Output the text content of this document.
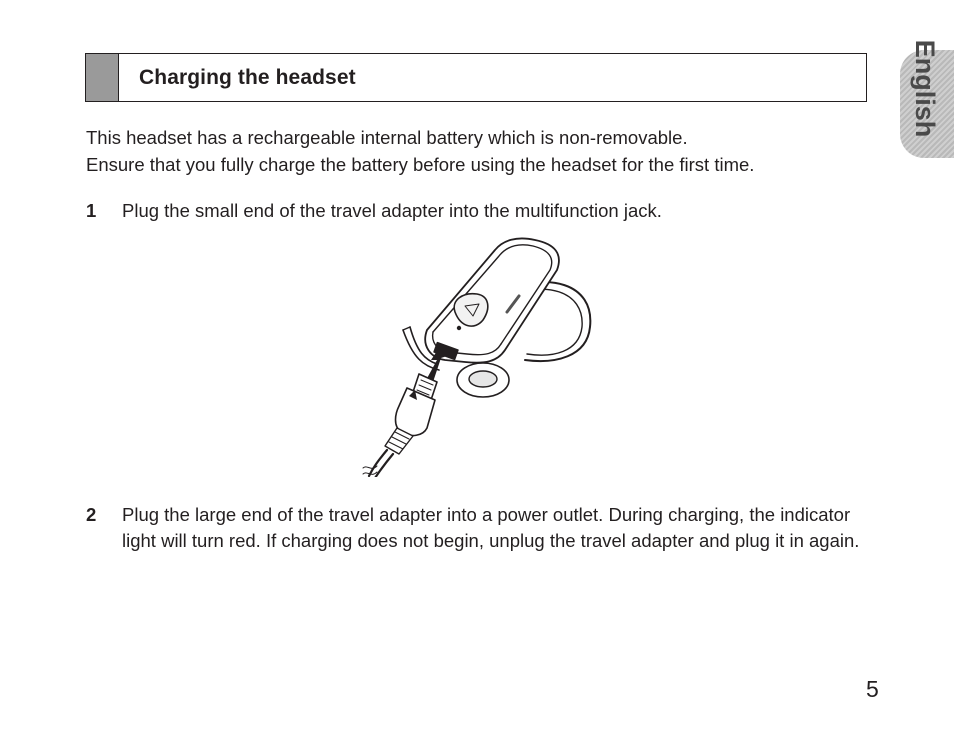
Charging the headset	English

This headset has a rechargeable internal battery which is non-removable.

Ensure that you fully charge the battery before using the headset for the first time.

1 Plug the small end of the travel adapter into the multifunction jack.
2 Plug the large end of the travel adapter into a power outlet. During charging, the indicator light will turn red. If charging does not begin, unplug the travel adapter and plug it in again.
5
